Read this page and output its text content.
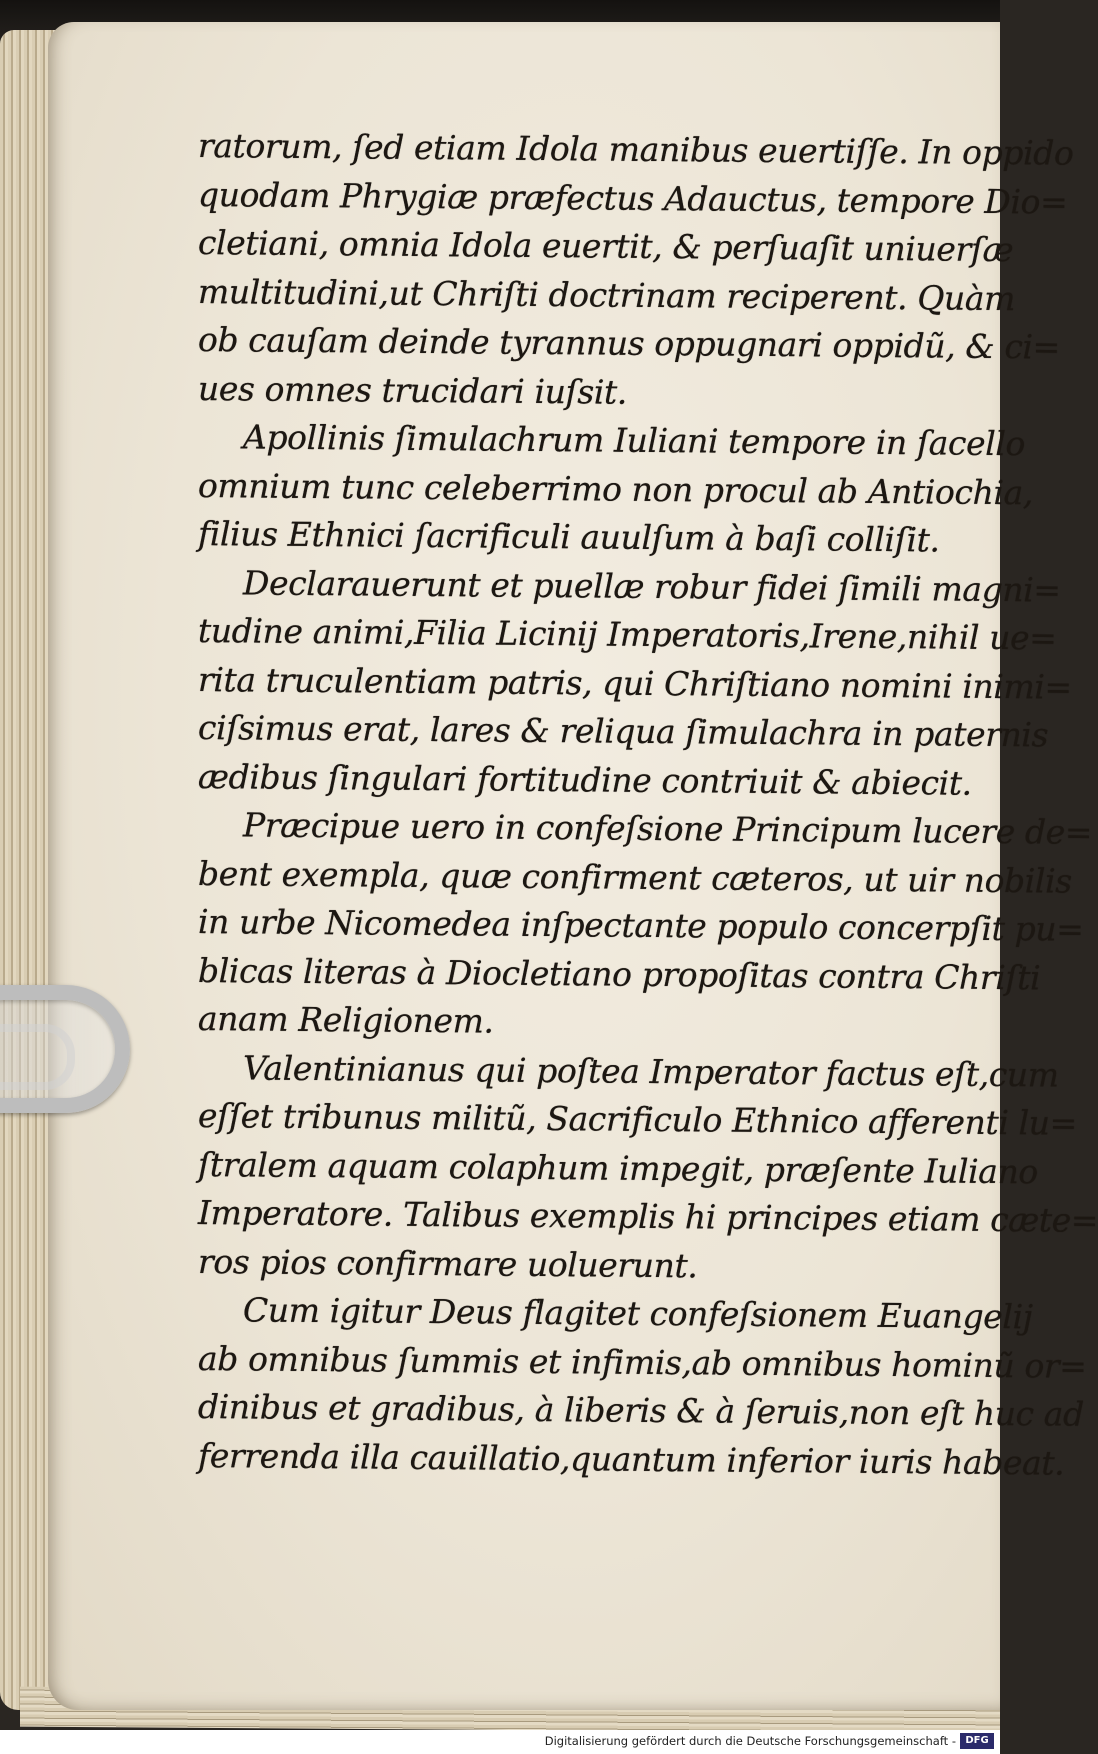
ratorum, ſed etiam Idola manibus euertiſſe. In oppido
quodam Phrygiæ præfectus Adauctus, tempore Dio=
cletiani, omnia Idola euertit, & perſuaſit uniuerſæ
multitudini,ut Chriſti doctrinam reciperent. Quàm
ob cauſam deinde tyrannus oppugnari oppidũ, & ci=
ues omnes trucidari iuſsit.
Apollinis ſimulachrum Iuliani tempore in ſacello
omnium tunc celeberrimo non procul ab Antiochia,
filius Ethnici ſacrificuli auulſum à baſi colliſit.
Declarauerunt et puellæ robur fidei ſimili magni=
tudine animi,Filia Licinij Imperatoris,Irene,nihil ue=
rita truculentiam patris, qui Chriſtiano nomini inimi=
ciſsimus erat, lares & reliqua ſimulachra in paternis
ædibus ſingulari fortitudine contriuit & abiecit.
Præcipue uero in confeſsione Principum lucere de=
bent exempla, quæ confirment cæteros, ut uir nobilis
in urbe Nicomedea inſpectante populo concerpſit pu=
blicas literas à Diocletiano propoſitas contra Chriſti
anam Religionem.
Valentinianus qui poſtea Imperator factus eſt,cum
eſſet tribunus militũ, Sacrificulo Ethnico afferenti lu=
ſtralem aquam colaphum impegit, præſente Iuliano
Imperatore. Talibus exemplis hi principes etiam cæte=
ros pios confirmare uoluerunt.
Cum igitur Deus flagitet confeſsionem Euangelij
ab omnibus ſummis et infimis,ab omnibus hominũ or=
dinibus et gradibus, à liberis & à ſeruis,non eſt huc ad
ferrenda illa cauillatio,quantum inferior iuris habeat.
Digitalisierung gefördert durch die Deutsche Forschungsgemeinschaft - DFG
